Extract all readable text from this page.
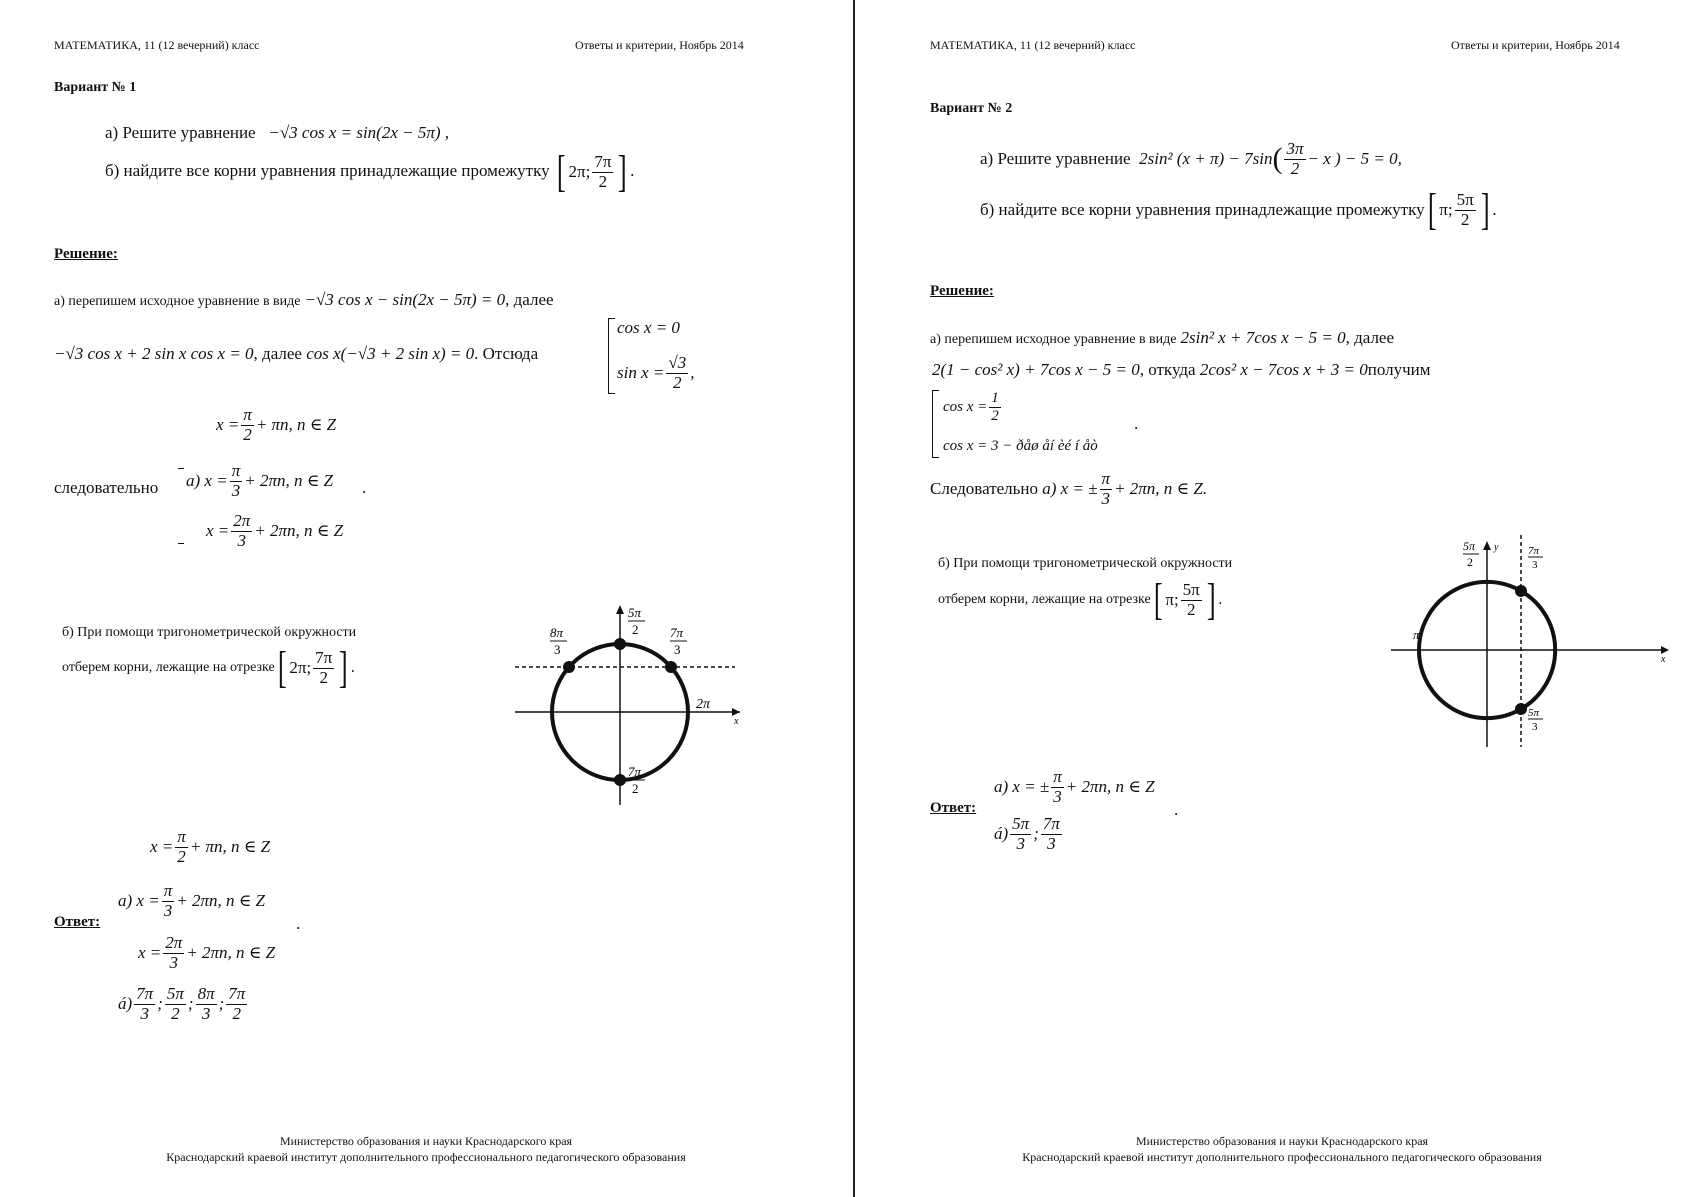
МАТЕМАТИКА, 11 (12 вечерний) класс	Ответы и критерии, Ноябрь 2014
Вариант № 1
а) Решите уравнение −√3 cos x = sin(2x − 5π) ,
б) найдите все корни уравнения принадлежащие промежутку [ 2π; $\frac{7\pi}{2}$ ] .
Решение:
а) перепишем исходное уравнение в виде −√3 cos x − sin(2x − 5π) = 0, далее
−√3 cos x + 2 sin x cos x = 0, далее cos x(−√3 + 2 sin x) = 0. Отсюда
cos x = 0
$\sin x = \frac{√3}{2}$ ,
$x = \frac{\pi}{2} + \pi n$, n ∈ Z
следовательно a) $x = \frac{\pi}{3} + 2\pi n$, n ∈ Z .
$x = \frac{2\pi}{3} + 2\pi n$, n ∈ Z
б) При помощи тригонометрической окружности
отберем корни, лежащие на отрезке [ 2π; $\frac{7\pi}{2}$ ] .
5π
2
8π
3
7π
3
2π
7π
2
x
$x = \frac{\pi}{2} + \pi n$, n ∈ Z
a) $x = \frac{\pi}{3} + 2\pi n$, n ∈ Z
Ответ:	.
$x = \frac{2\pi}{3} + 2\pi n$, n ∈ Z
á) $\frac{7\pi}{3}$ ; $\frac{5\pi}{2}$ ; $\frac{8\pi}{3}$ ; $\frac{7\pi}{2}$
Министерство образования и науки Краснодарского края
Краснодарский краевой институт дополнительного профессионального педагогического образования
МАТЕМАТИКА, 11 (12 вечерний) класс	Ответы и критерии, Ноябрь 2014
Вариант № 2
а) Решите уравнение
2sin² (x + π) − 7sin ( $\frac{3\pi}{2} - x$ ) − 5 = 0,
б) найдите все корни уравнения принадлежащие промежутку [ π; $\frac{5\pi}{2}$ ] .
Решение:
а) перепишем исходное уравнение в виде 2sin² x + 7cos x − 5 = 0, далее
2(1 − cos² x) + 7cos x − 5 = 0, откуда 2cos² x − 7cos x + 3 = 0получим
$\cos x = \frac{1}{2}$
cos x = 3 − ðåø åí èé í åò
.
Следовательно
a) x = ± $\frac{\pi}{3} + 2\pi n$, n ∈ Z.
б) При помощи тригонометрической окружности
отберем корни, лежащие на отрезке [ π; $\frac{5\pi}{2}$ ] .
5π
2
y	7π
3
π
x
5π
3
a) x = ± $\frac{\pi}{3} + 2\pi n$, n ∈ Z
Ответ:	.
á) $\frac{5\pi}{3}$ ; $\frac{7\pi}{3}$
Министерство образования и науки Краснодарского края
Краснодарский краевой институт дополнительного профессионального педагогического образования
